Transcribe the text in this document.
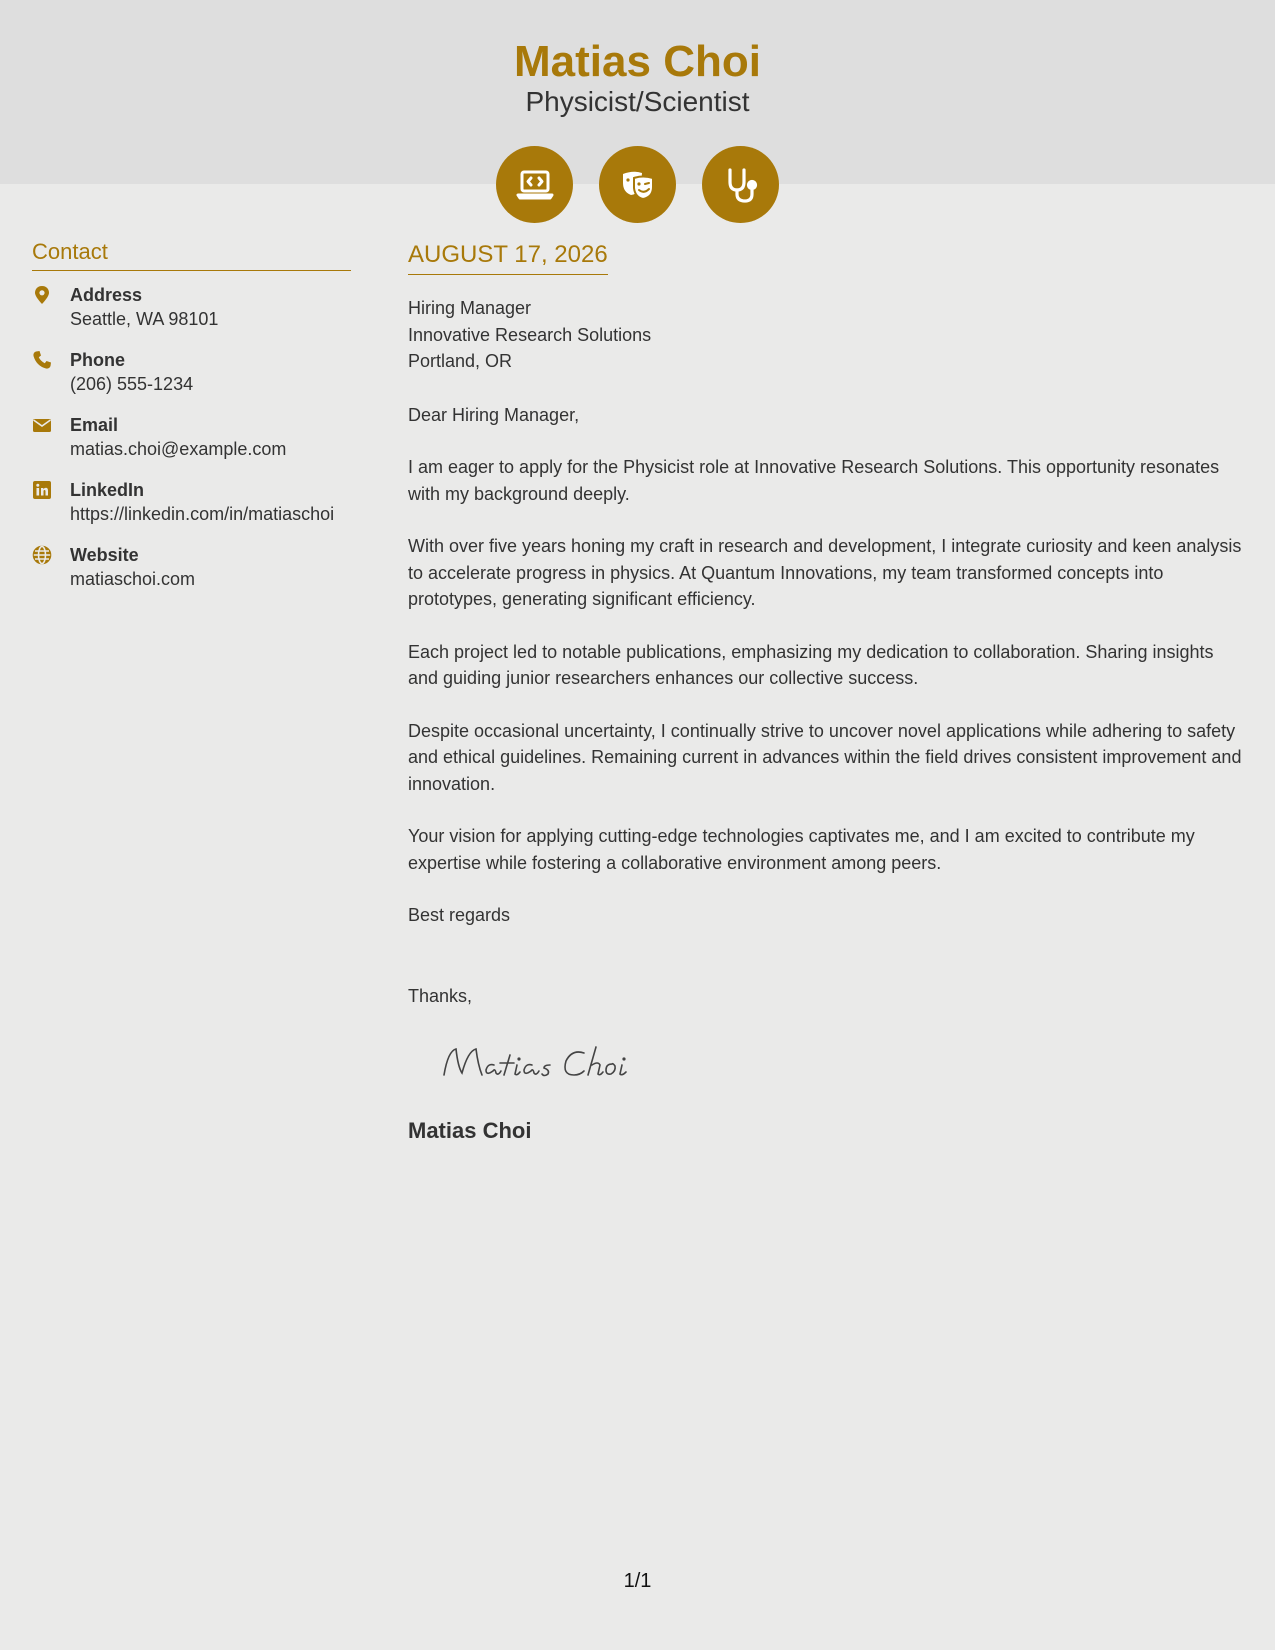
Matias Choi
Physicist/Scientist
Contact
Address
Seattle, WA 98101
Phone
(206) 555-1234
Email
matias.choi@example.com
LinkedIn
https://linkedin.com/in/matiaschoi
Website
matiaschoi.com
AUGUST 17, 2026
Hiring Manager
Innovative Research Solutions
Portland, OR

Dear Hiring Manager,

I am eager to apply for the Physicist role at Innovative Research Solutions. This opportunity resonates with my background deeply.

With over five years honing my craft in research and development, I integrate curiosity and keen analysis to accelerate progress in physics. At Quantum Innovations, my team transformed concepts into prototypes, generating significant efficiency.

Each project led to notable publications, emphasizing my dedication to collaboration. Sharing insights and guiding junior researchers enhances our collective success.

Despite occasional uncertainty, I continually strive to uncover novel applications while adhering to safety and ethical guidelines. Remaining current in advances within the field drives consistent improvement and innovation.

Your vision for applying cutting-edge technologies captivates me, and I am excited to contribute my expertise while fostering a collaborative environment among peers.

Best regards

Thanks,

Matias Choi
1/1
